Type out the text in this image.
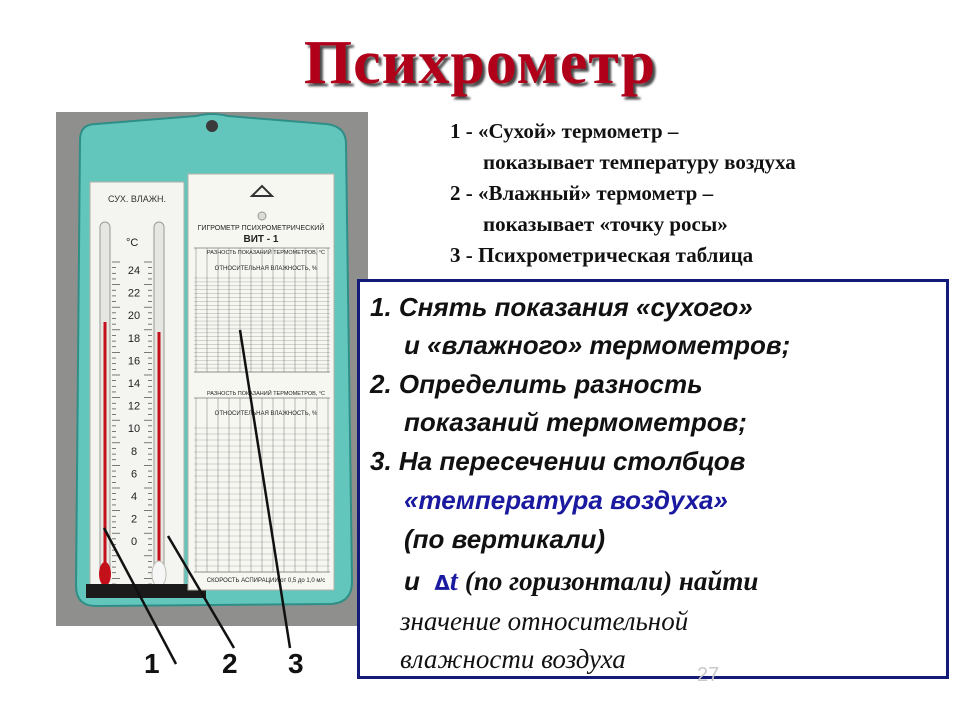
Психрометр
1 - «Сухой» термометр –
показывает температуру воздуха
2 - «Влажный» термометр –
показывает «точку росы»
3 - Психрометрическая таблица
СУХ. ВЛАЖН.
°С
24
22
20
18
16
14
12
10
8
6
4
2
0
ГИГРОМЕТР ПСИХРОМЕТРИЧЕСКИЙ
ВИТ - 1
РАЗНОСТЬ ПОКАЗАНИЙ ТЕРМОМЕТРОВ, °С
ОТНОСИТЕЛЬНАЯ ВЛАЖНОСТЬ, %
РАЗНОСТЬ ПОКАЗАНИЙ ТЕРМОМЕТРОВ, °С
ОТНОСИТЕЛЬНАЯ ВЛАЖНОСТЬ, %
СКОРОСТЬ АСПИРАЦИИ от 0,5 до 1,0 м/с
1 2 3
1. Снять показания «сухого»
и «влажного» термометров;
2. Определить разность
показаний термометров;
3. На пересечении столбцов
«температура воздуха»
(по вертикали)
и Δt (по горизонтали) найти
значение относительной
влажности воздуха
27
